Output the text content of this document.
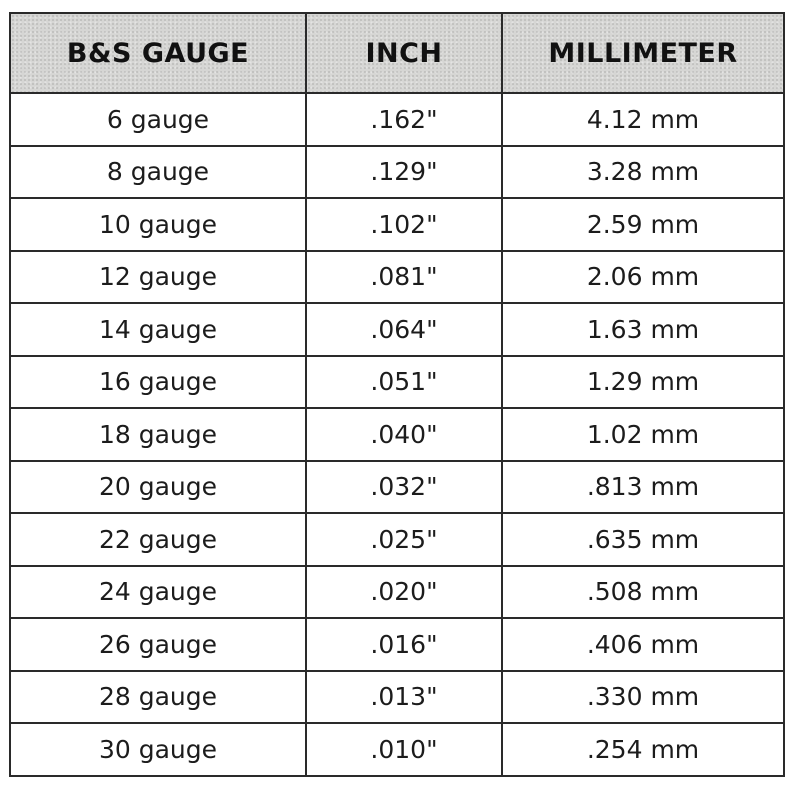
B&S GAUGE	INCH	MILLIMETER
6 gauge	.162"	4.12 mm
8 gauge	.129"	3.28 mm
10 gauge	.102"	2.59 mm
12 gauge	.081"	2.06 mm
14 gauge	.064"	1.63 mm
16 gauge	.051"	1.29 mm
18 gauge	.040"	1.02 mm
20 gauge	.032"	.813 mm
22 gauge	.025"	.635 mm
24 gauge	.020"	.508 mm
26 gauge	.016"	.406 mm
28 gauge	.013"	.330 mm
30 gauge	.010"	.254 mm
